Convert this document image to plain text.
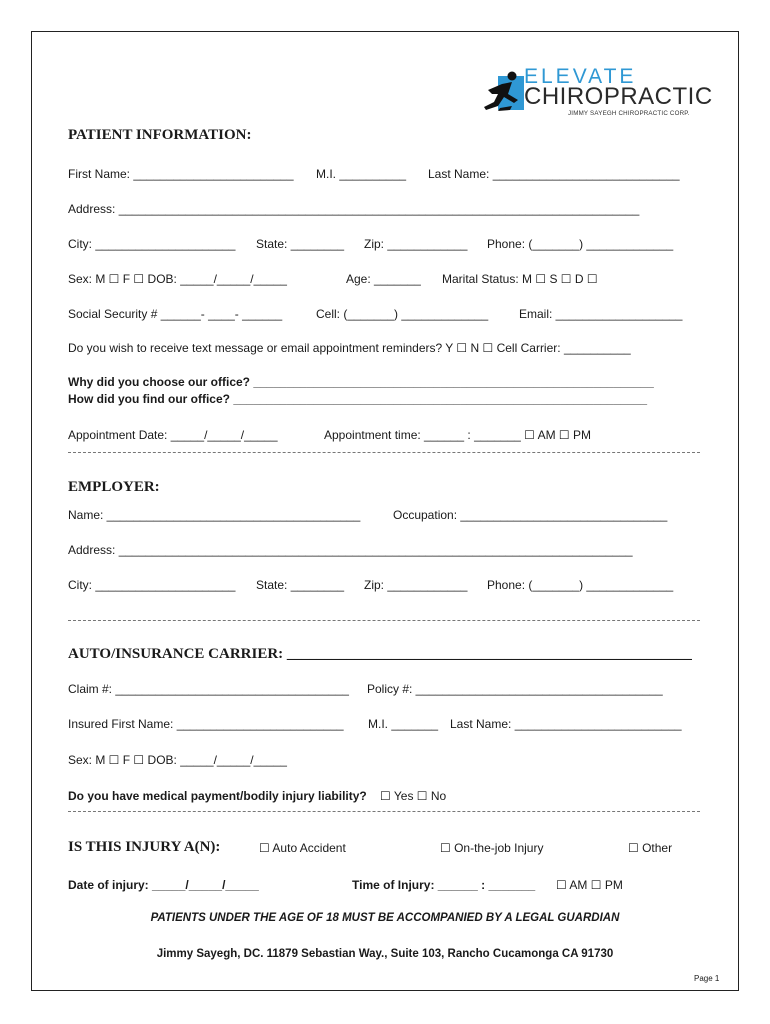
ELEVATE
CHIROPRACTIC
JIMMY SAYEGH CHIROPRACTIC CORP.
PATIENT INFORMATION:
First Name: ________________________ M.I. __________ Last Name: ____________________________
Address: ______________________________________________________________________________
City: _____________________ State: ________ Zip: ____________ Phone: (_______) _____________
Sex: M ☐ F ☐ DOB: _____/_____/_____	Age: _______ Marital Status: M ☐ S ☐ D ☐
Social Security # ______- ____- ______	Cell: (_______) _____________	Email: ___________________
Do you wish to receive text message or email appointment reminders? Y ☐ N ☐ Cell Carrier: __________
Why did you choose our office? ____________________________________________________________
How did you find our office? ______________________________________________________________
Appointment Date: _____/_____/_____	Appointment time: ______ : _______ ☐ AM ☐ PM
EMPLOYER:
Name: ______________________________________	Occupation: _______________________________
Address: _____________________________________________________________________________
City: _____________________ State: ________ Zip: ____________ Phone: (_______) _____________
AUTO/INSURANCE CARRIER: ______________________________________________________
Claim #: ___________________________________ Policy #: _____________________________________
Insured First Name: _________________________ M.I. _______ Last Name: _________________________
Sex: M ☐ F ☐ DOB: _____/_____/_____
Do you have medical payment/bodily injury liability? ☐ Yes ☐ No
IS THIS INJURY A(N):	☐ Auto Accident	☐ On-the-job Injury	☐ Other
Date of injury: _____/_____/_____	Time of Injury: ______ : _______ ☐ AM ☐ PM
PATIENTS UNDER THE AGE OF 18 MUST BE ACCOMPANIED BY A LEGAL GUARDIAN
Jimmy Sayegh, DC. 11879 Sebastian Way., Suite 103, Rancho Cucamonga CA 91730
Page 1
